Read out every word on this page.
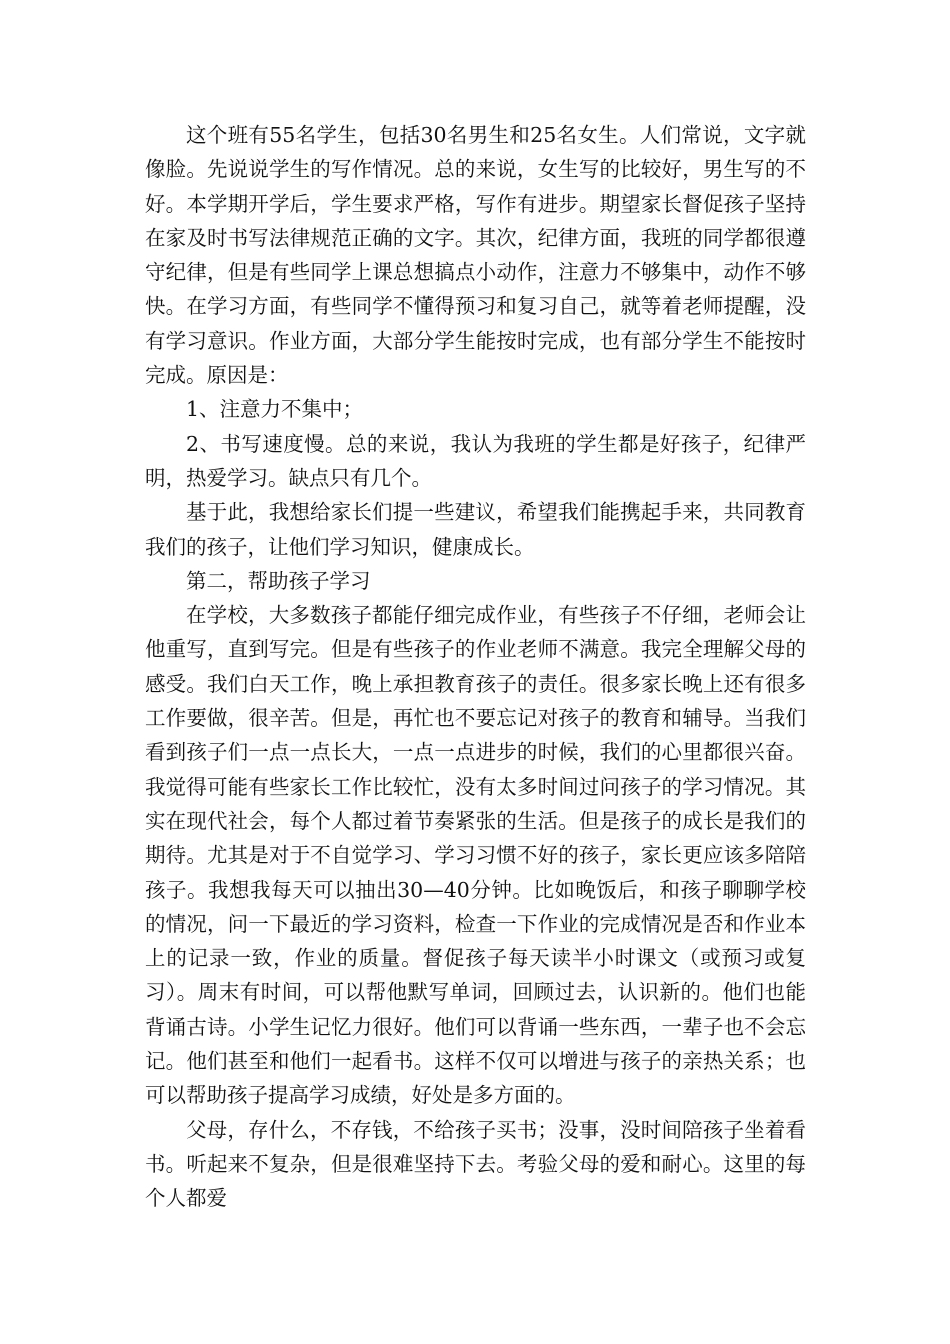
这个班有55名学生，包括30名男生和25名女生。人们常说，文字就像脸。先说说学生的写作情况。总的来说，女生写的比较好，男生写的不好。本学期开学后，学生要求严格，写作有进步。期望家长督促孩子坚持在家及时书写法律规范正确的文字。其次，纪律方面，我班的同学都很遵守纪律，但是有些同学上课总想搞点小动作，注意力不够集中，动作不够快。在学习方面，有些同学不懂得预习和复习自己，就等着老师提醒，没有学习意识。作业方面，大部分学生能按时完成，也有部分学生不能按时完成。原因是：

1、注意力不集中；

2、书写速度慢。总的来说，我认为我班的学生都是好孩子，纪律严明，热爱学习。缺点只有几个。

基于此，我想给家长们提一些建议，希望我们能携起手来，共同教育我们的孩子，让他们学习知识，健康成长。

第二，帮助孩子学习

在学校，大多数孩子都能仔细完成作业，有些孩子不仔细，老师会让他重写，直到写完。但是有些孩子的作业老师不满意。我完全理解父母的感受。我们白天工作，晚上承担教育孩子的责任。很多家长晚上还有很多工作要做，很辛苦。但是，再忙也不要忘记对孩子的教育和辅导。当我们看到孩子们一点一点长大，一点一点进步的时候，我们的心里都很兴奋。我觉得可能有些家长工作比较忙，没有太多时间过问孩子的学习情况。其实在现代社会，每个人都过着节奏紧张的生活。但是孩子的成长是我们的期待。尤其是对于不自觉学习、学习习惯不好的孩子，家长更应该多陪陪孩子。我想我每天可以抽出30—40分钟。比如晚饭后，和孩子聊聊学校的情况，问一下最近的学习资料，检查一下作业的完成情况是否和作业本上的记录一致，作业的质量。督促孩子每天读半小时课文（或预习或复习）。周末有时间，可以帮他默写单词，回顾过去，认识新的。他们也能背诵古诗。小学生记忆力很好。他们可以背诵一些东西，一辈子也不会忘记。他们甚至和他们一起看书。这样不仅可以增进与孩子的亲热关系；也可以帮助孩子提高学习成绩，好处是多方面的。

父母，存什么，不存钱，不给孩子买书；没事，没时间陪孩子坐着看书。听起来不复杂，但是很难坚持下去。考验父母的爱和耐心。这里的每个人都爱
